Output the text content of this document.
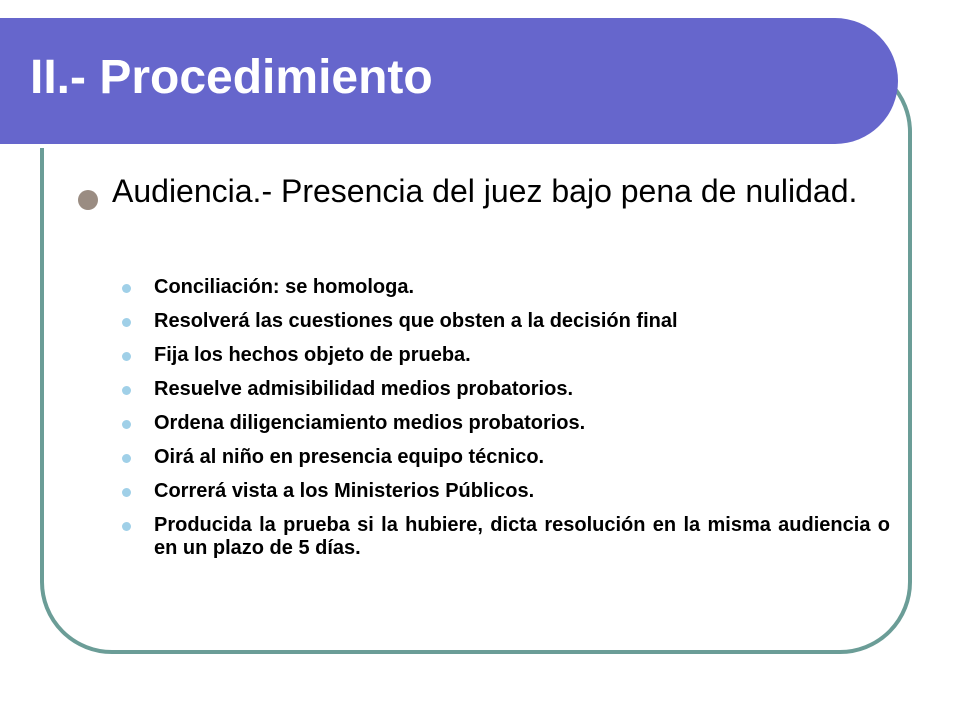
II.- Procedimiento
Audiencia.- Presencia del juez bajo pena de nulidad.
Conciliación: se homologa.
Resolverá las cuestiones que obsten a la decisión final
Fija los hechos objeto de prueba.
Resuelve admisibilidad medios probatorios.
Ordena diligenciamiento medios probatorios.
Oirá al niño en presencia equipo técnico.
Correrá vista a los Ministerios Públicos.
Producida la prueba si la hubiere, dicta resolución en la misma audiencia o en un plazo de 5 días.
